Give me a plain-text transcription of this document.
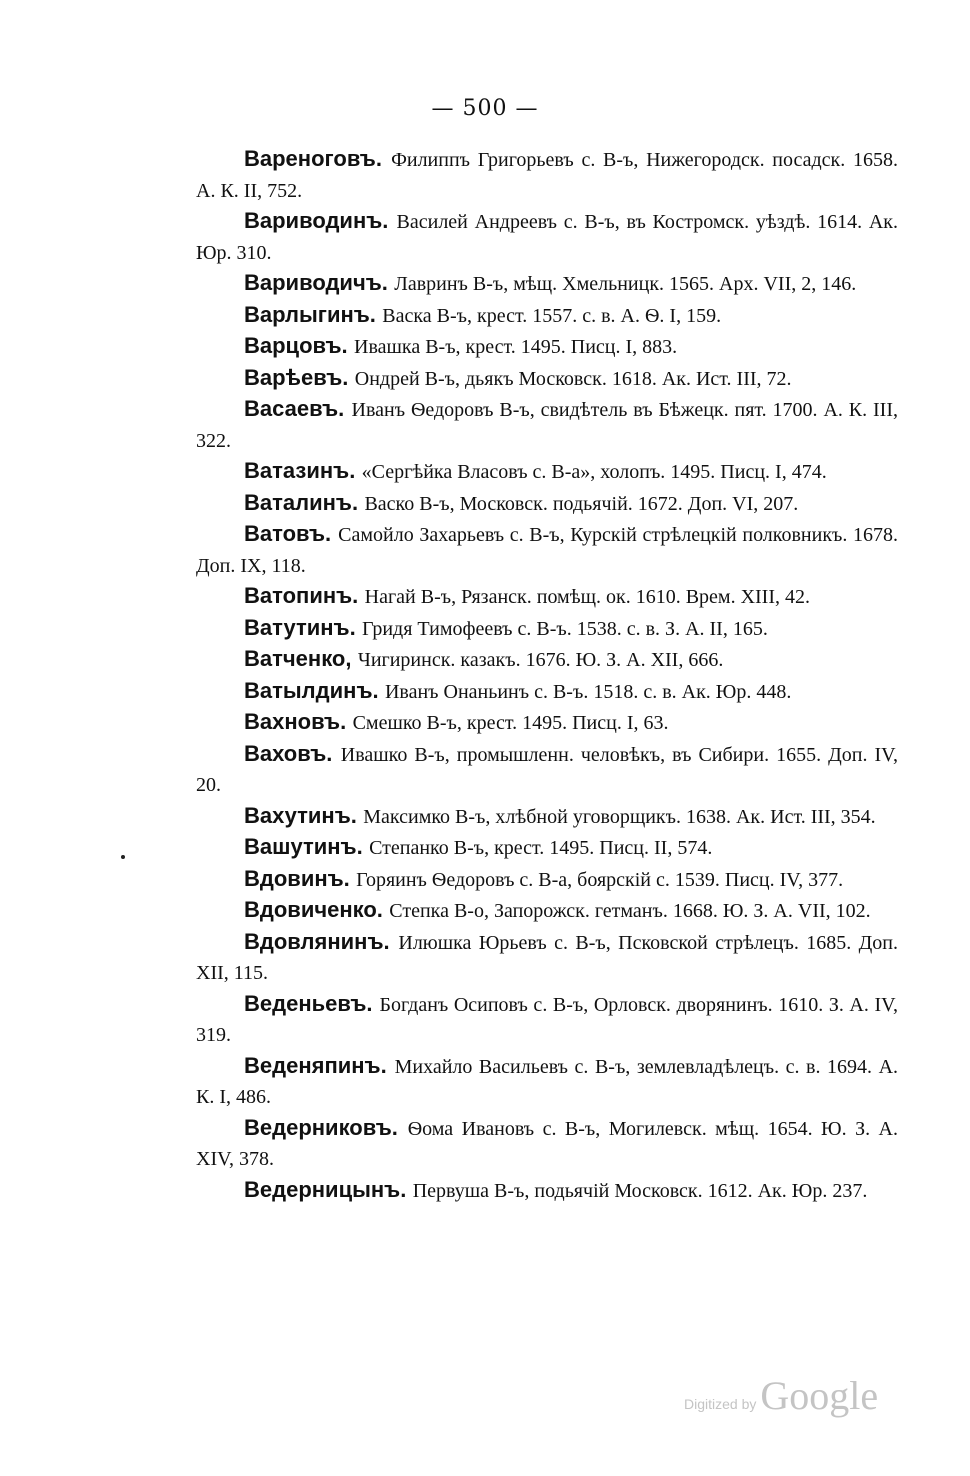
— 500 —

Вареноговъ. Филиппъ Григорьевъ с. В-ъ, Нижегородск. посадск. 1658. А. К. II, 752.

Вариводинъ. Василей Андреевъ с. В-ъ, въ Костромск. уѣздѣ. 1614. Ак. Юр. 310.

Вариводичъ. Лавринъ В-ъ, мѣщ. Хмельницк. 1565. Арх. VII, 2, 146.

Варлыгинъ. Васка В-ъ, крест. 1557. с. в. А. Ѳ. I, 159.

Варцовъ. Ивашка В-ъ, крест. 1495. Писц. I, 883.

Варѣевъ. Ондрей В-ъ, дьякъ Московск. 1618. Ак. Ист. III, 72.

Васаевъ. Иванъ Ѳедоровъ В-ъ, свидѣтель въ Бѣжецк. пят. 1700. А. К. III, 322.

Ватазинъ. «Сергѣйка Власовъ с. В-а», холопъ. 1495. Писц. I, 474.

Ваталинъ. Васко В-ъ, Московск. подьячій. 1672. Доп. VI, 207.

Ватовъ. Самойло Захарьевъ с. В-ъ, Курскій стрѣлецкій полковникъ. 1678. Доп. IX, 118.

Ватопинъ. Нагай В-ъ, Рязанск. помѣщ. ок. 1610. Врем. XIII, 42.

Ватутинъ. Гридя Тимофеевъ с. В-ъ. 1538. с. в. З. А. II, 165.

Ватченко, Чигиринск. казакъ. 1676. Ю. З. А. XII, 666.

Ватылдинъ. Иванъ Онаньинъ с. В-ъ. 1518. с. в. Ак. Юр. 448.

Вахновъ. Смешко В-ъ, крест. 1495. Писц. I, 63.

Ваховъ. Ивашко В-ъ, промышленн. человѣкъ, въ Сибири. 1655. Доп. IV, 20.

Вахутинъ. Максимко В-ъ, хлѣбной уговорщикъ. 1638. Ак. Ист. III, 354.

Вашутинъ. Степанко В-ъ, крест. 1495. Писц. II, 574.

Вдовинъ. Горяинъ Ѳедоровъ с. В-а, боярскій с. 1539. Писц. IV, 377.

Вдовиченко. Степка В-о, Запорожск. гетманъ. 1668. Ю. З. А. VII, 102.

Вдовлянинъ. Илюшка Юрьевъ с. В-ъ, Псковской стрѣлецъ. 1685. Доп. XII, 115.

Веденьевъ. Богданъ Осиповъ с. В-ъ, Орловск. дворянинъ. 1610. З. А. IV, 319.

Веденяпинъ. Михайло Васильевъ с. В-ъ, землевладѣлецъ. с. в. 1694. А. К. I, 486.

Ведерниковъ. Ѳома Ивановъ с. В-ъ, Могилевск. мѣщ. 1654. Ю. З. А. XIV, 378.

Ведерницынъ. Первуша В-ъ, подьячій Московск. 1612. Ак. Юр. 237.

Digitized by Google
